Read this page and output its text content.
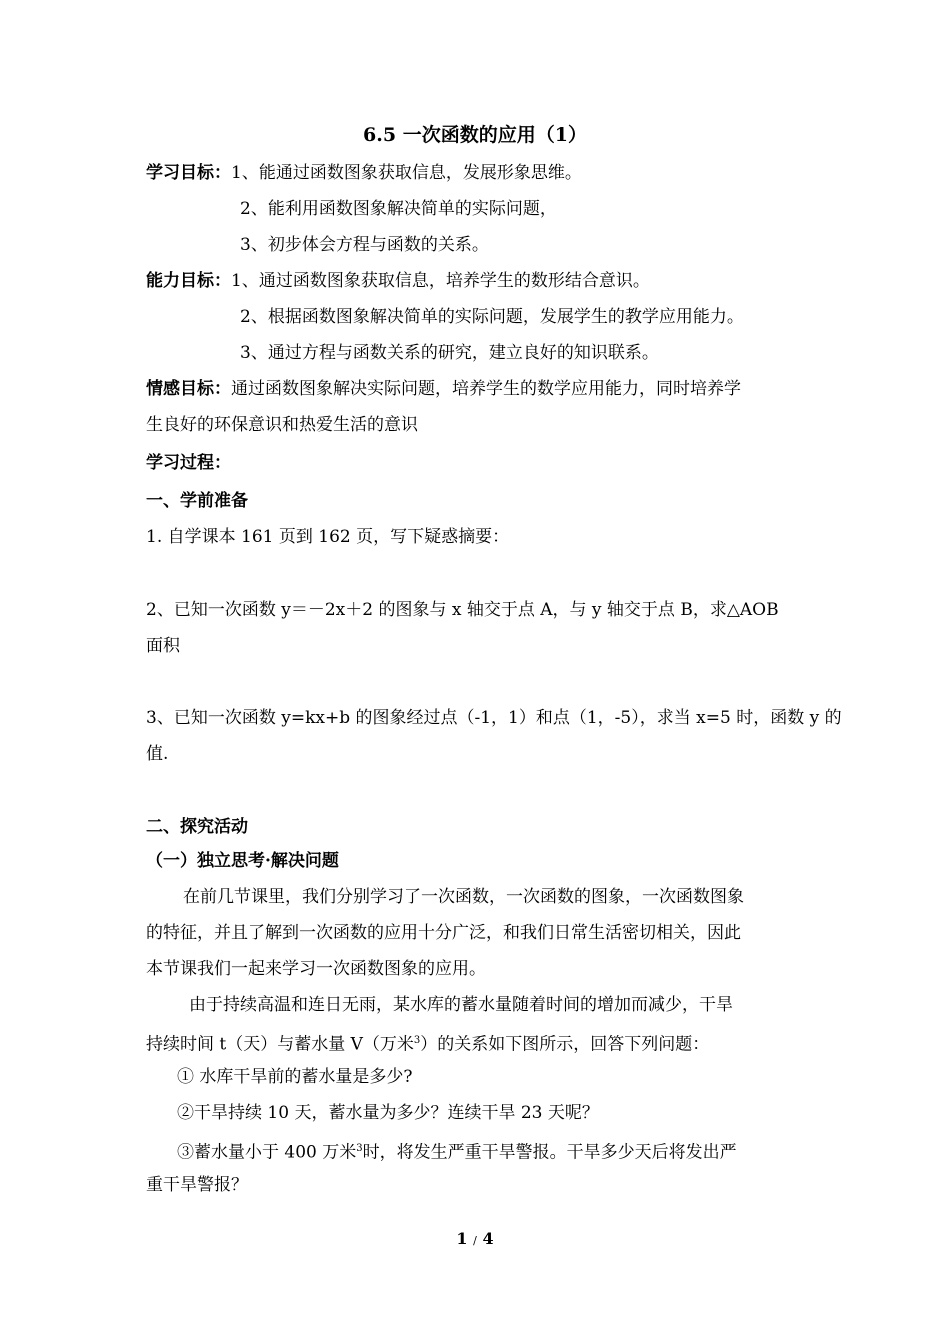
6.5 一次函数的应用（1）
学习目标：1、能通过函数图象获取信息，发展形象思维。
2、能利用函数图象解决简单的实际问题，
3、初步体会方程与函数的关系。
能力目标：1、通过函数图象获取信息，培养学生的数形结合意识。
2、根据函数图象解决简单的实际问题，发展学生的教学应用能力。
3、通过方程与函数关系的研究，建立良好的知识联系。
情感目标：通过函数图象解决实际问题，培养学生的数学应用能力，同时培养学
生良好的环保意识和热爱生活的意识
学习过程：
一、学前准备
1. 自学课本 161 页到 162 页，写下疑惑摘要：
2、已知一次函数 y＝－2x＋2 的图象与 x 轴交于点 A，与 y 轴交于点 B，求△AOB
面积
3、已知一次函数 y=kx+b 的图象经过点（-1，1）和点（1，-5），求当 x=5 时，函数 y 的
值.
二、探究活动
（一）独立思考·解决问题
在前几节课里，我们分别学习了一次函数，一次函数的图象，一次函数图象
的特征，并且了解到一次函数的应用十分广泛，和我们日常生活密切相关，因此
本节课我们一起来学习一次函数图象的应用。
由于持续高温和连日无雨，某水库的蓄水量随着时间的增加而减少，干旱
持续时间 t（天）与蓄水量 V（万米$^3$）的关系如下图所示，回答下列问题：
① 水库干旱前的蓄水量是多少?
②干旱持续 10 天，蓄水量为多少？连续干旱 23 天呢？
③蓄水量小于 400 万米$^3$时，将发生严重干旱警报。干旱多少天后将发出严
重干旱警报？
1 / 4
